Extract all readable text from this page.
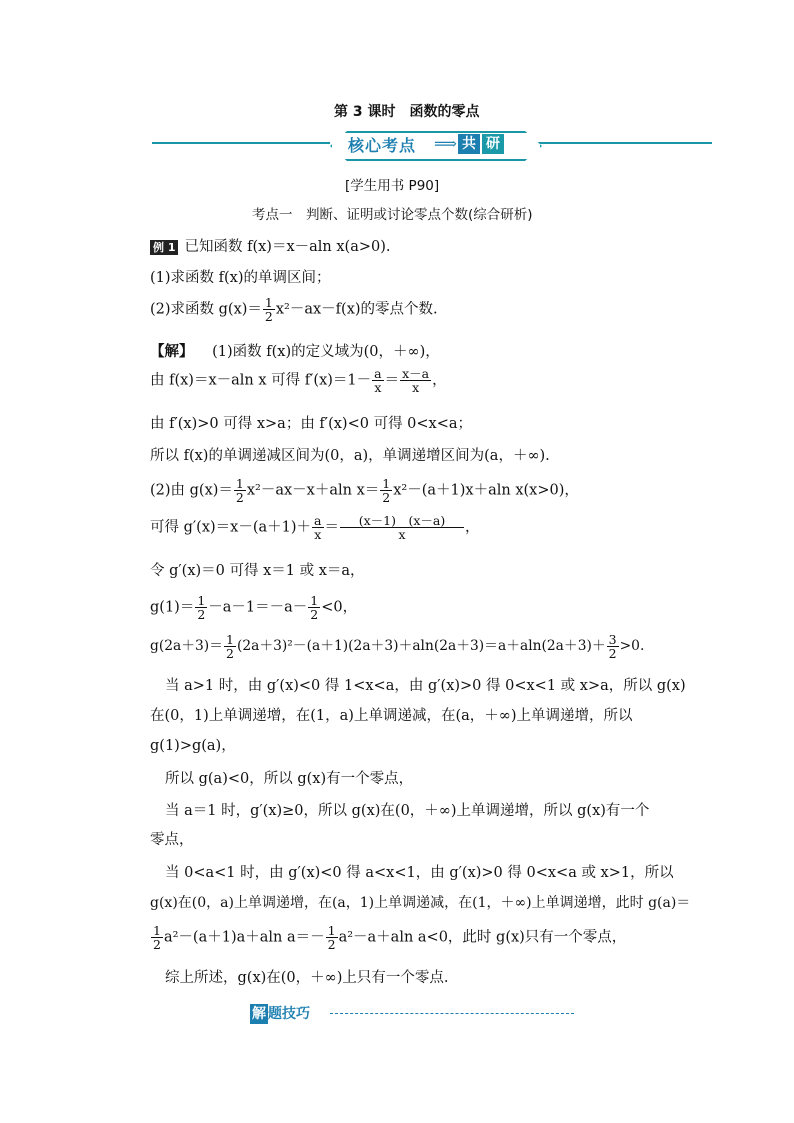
第 3 课时　函数的零点
核心考点 ⟹ 共 研
[学生用书 P90]
考点一　判断、证明或讨论零点个数(综合研析)
例 1 已知函数 f(x)＝x－aln x(a>0).
(1)求函数 f(x)的单调区间；
(2)求函数 $g(x)= \frac{1}{2} x^2-ax-f(x)$的零点个数.
【解】 (1)函数 f(x)的定义域为(0，＋∞)，
由 f(x)＝x－aln x 可得 $f'(x)=1- \frac{a}{x} = \frac{x-a}{x}$ ，
由 f′(x)>0 可得 x>a；由 f′(x)<0 可得 0<x<a；
所以 f(x)的单调递减区间为(0，a)，单调递增区间为(a，＋∞).
(2)由 $g(x)= \frac{1}{2} x^2-ax-x+aln$ $x= \frac{1}{2} x^2-(a+1)x+aln$ x(x>0)，
可得 $g'(x)=x-(a+1)+ \frac{a}{x} = \frac{(x-1) (x-a)}{x}$ ，
令 g′(x)＝0 可得 x＝1 或 x＝a，
$g(1)= \frac{1}{2} -a-1=-a- \frac{1}{2} <0$，
$g(2a+3)= \frac{1}{2} (2a+3)^2-(a+1)(2a+3)+aln(2a+3)=a+aln(2a+3)+ \frac{3}{2} >0$.
当 a>1 时，由 g′(x)<0 得 1<x<a，由 g′(x)>0 得 0<x<1 或 x>a，所以 g(x)
在(0，1)上单调递增，在(1，a)上单调递减，在(a，＋∞)上单调递增，所以
g(1)>g(a)，
所以 g(a)<0，所以 g(x)有一个零点，
当 a＝1 时，g′(x)≥0，所以 g(x)在(0，＋∞)上单调递增，所以 g(x)有一个
零点，
当 0<a<1 时，由 g′(x)<0 得 a<x<1，由 g′(x)>0 得 0<x<a 或 x>1，所以
g(x)在(0，a)上单调递增，在(a，1)上单调递减，在(1，＋∞)上单调递增，此时 g(a)＝
$\frac{1}{2} a^2-(a+1)a+aln$ $a=- \frac{1}{2} a^2-a+aln$ a<0，此时 g(x)只有一个零点，
综上所述，g(x)在(0，＋∞)上只有一个零点.
解 题技巧
